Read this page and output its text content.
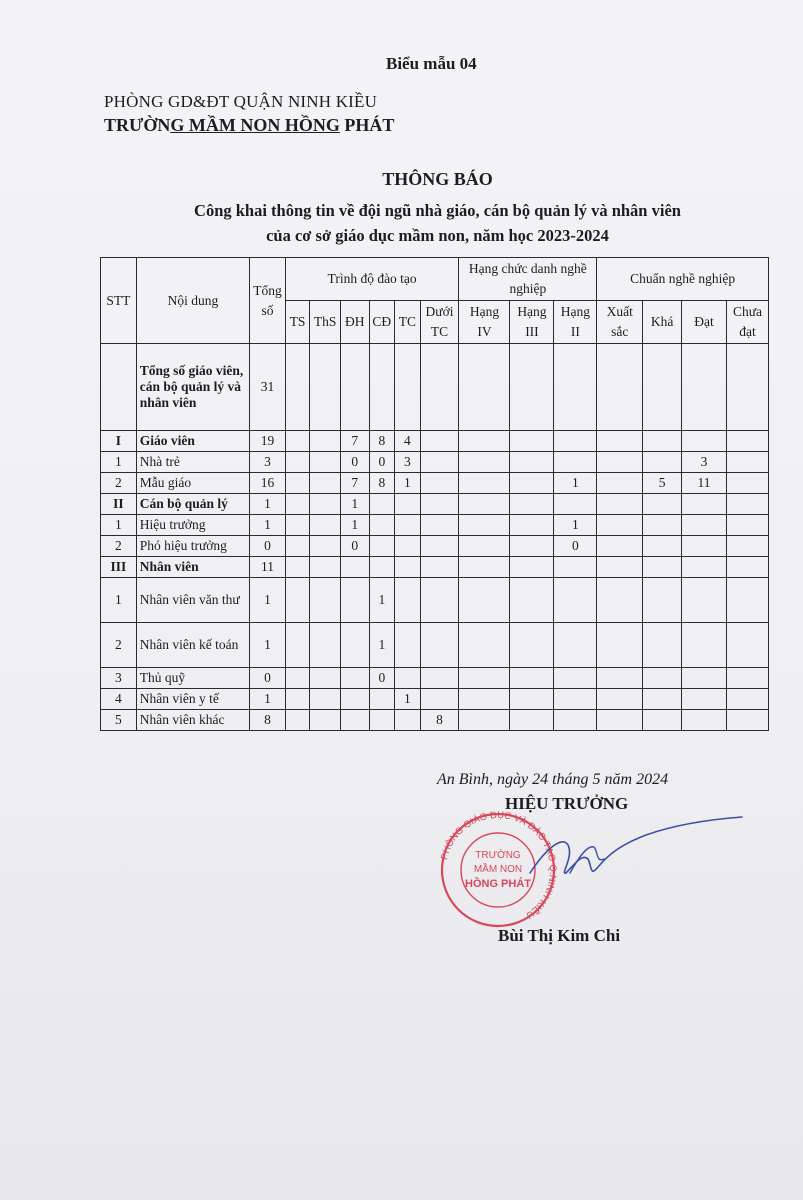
Biểu mẫu 04
PHÒNG GD&ĐT QUẬN NINH KIỀU
TRƯỜNG MẦM NON HỒNG PHÁT
THÔNG BÁO
Công khai thông tin về đội ngũ nhà giáo, cán bộ quản lý và nhân viên
của cơ sở giáo dục mầm non, năm học 2023-2024
STT	Nội dung	Tổng số	Trình độ đào tạo						Hạng chức danh nghề nghiệp			Chuẩn nghề nghiệp			
			TS	ThS	ĐH	CĐ	TC	Dưới TC	Hạng IV	Hạng III	Hạng II	Xuất sắc	Khá	Đạt	Chưa đạt
	Tổng số giáo viên, cán bộ quản lý và nhân viên	31													
I	Giáo viên	19			7	8	4								
1	Nhà trẻ	3			0	0	3							3	
2	Mẫu giáo	16			7	8	1				1		5	11	
II	Cán bộ quản lý	1			1										
1	Hiệu trưởng	1			1						1				
2	Phó hiệu trưởng	0			0						0				
III	Nhân viên	11													
1	Nhân viên văn thư	1				1									
2	Nhân viên kế toán	1				1									
3	Thủ quỹ	0				0									
4	Nhân viên y tế	1					1								
5	Nhân viên khác	8						8							
An Bình, ngày 24 tháng 5 năm 2024
HIỆU TRƯỞNG
PHÒNG GIÁO DỤC VÀ ĐÀO TẠO Q.NINH KIỀU
TRƯỜNG
MẦM NON
HỒNG PHÁT
Bùi Thị Kim Chi
